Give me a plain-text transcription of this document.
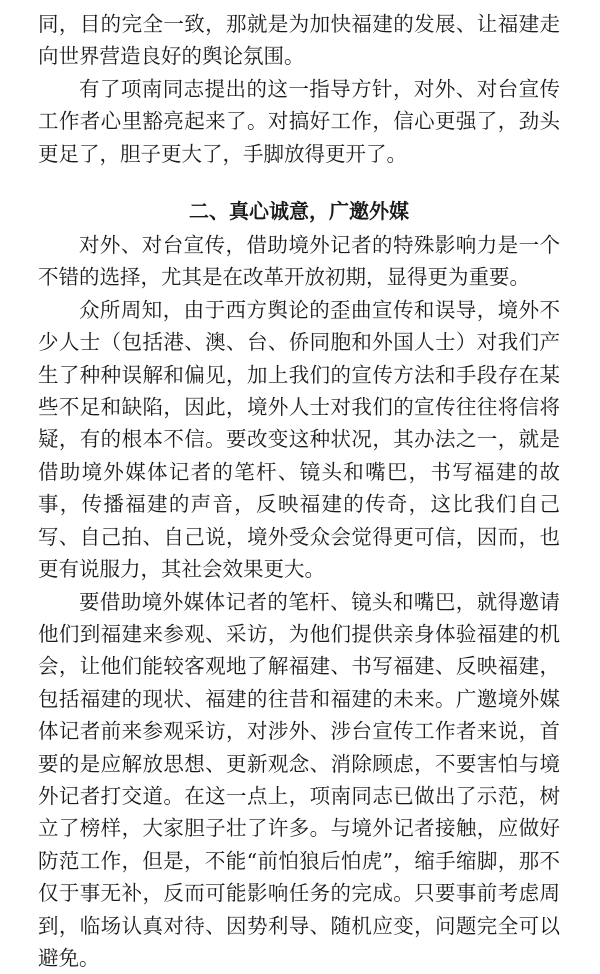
同，目的完全一致，那就是为加快福建的发展、让福建走向世界营造良好的舆论氛围。

有了项南同志提出的这一指导方针，对外、对台宣传工作者心里豁亮起来了。对搞好工作，信心更强了，劲头更足了，胆子更大了，手脚放得更开了。

二、真心诚意，广邀外媒

对外、对台宣传，借助境外记者的特殊影响力是一个不错的选择，尤其是在改革开放初期，显得更为重要。

众所周知，由于西方舆论的歪曲宣传和误导，境外不少人士（包括港、澳、台、侨同胞和外国人士）对我们产生了种种误解和偏见，加上我们的宣传方法和手段存在某些不足和缺陷，因此，境外人士对我们的宣传往往将信将疑，有的根本不信。要改变这种状况，其办法之一，就是借助境外媒体记者的笔杆、镜头和嘴巴，书写福建的故事，传播福建的声音，反映福建的传奇，这比我们自己写、自己拍、自己说，境外受众会觉得更可信，因而，也更有说服力，其社会效果更大。

要借助境外媒体记者的笔杆、镜头和嘴巴，就得邀请他们到福建来参观、采访，为他们提供亲身体验福建的机会，让他们能较客观地了解福建、书写福建、反映福建，包括福建的现状、福建的往昔和福建的未来。广邀境外媒体记者前来参观采访，对涉外、涉台宣传工作者来说，首要的是应解放思想、更新观念、消除顾虑，不要害怕与境外记者打交道。在这一点上，项南同志已做出了示范，树立了榜样，大家胆子壮了许多。与境外记者接触，应做好防范工作，但是，不能“前怕狼后怕虎”，缩手缩脚，那不仅于事无补，反而可能影响任务的完成。只要事前考虑周到，临场认真对待、因势利导、随机应变，问题完全可以避免。
